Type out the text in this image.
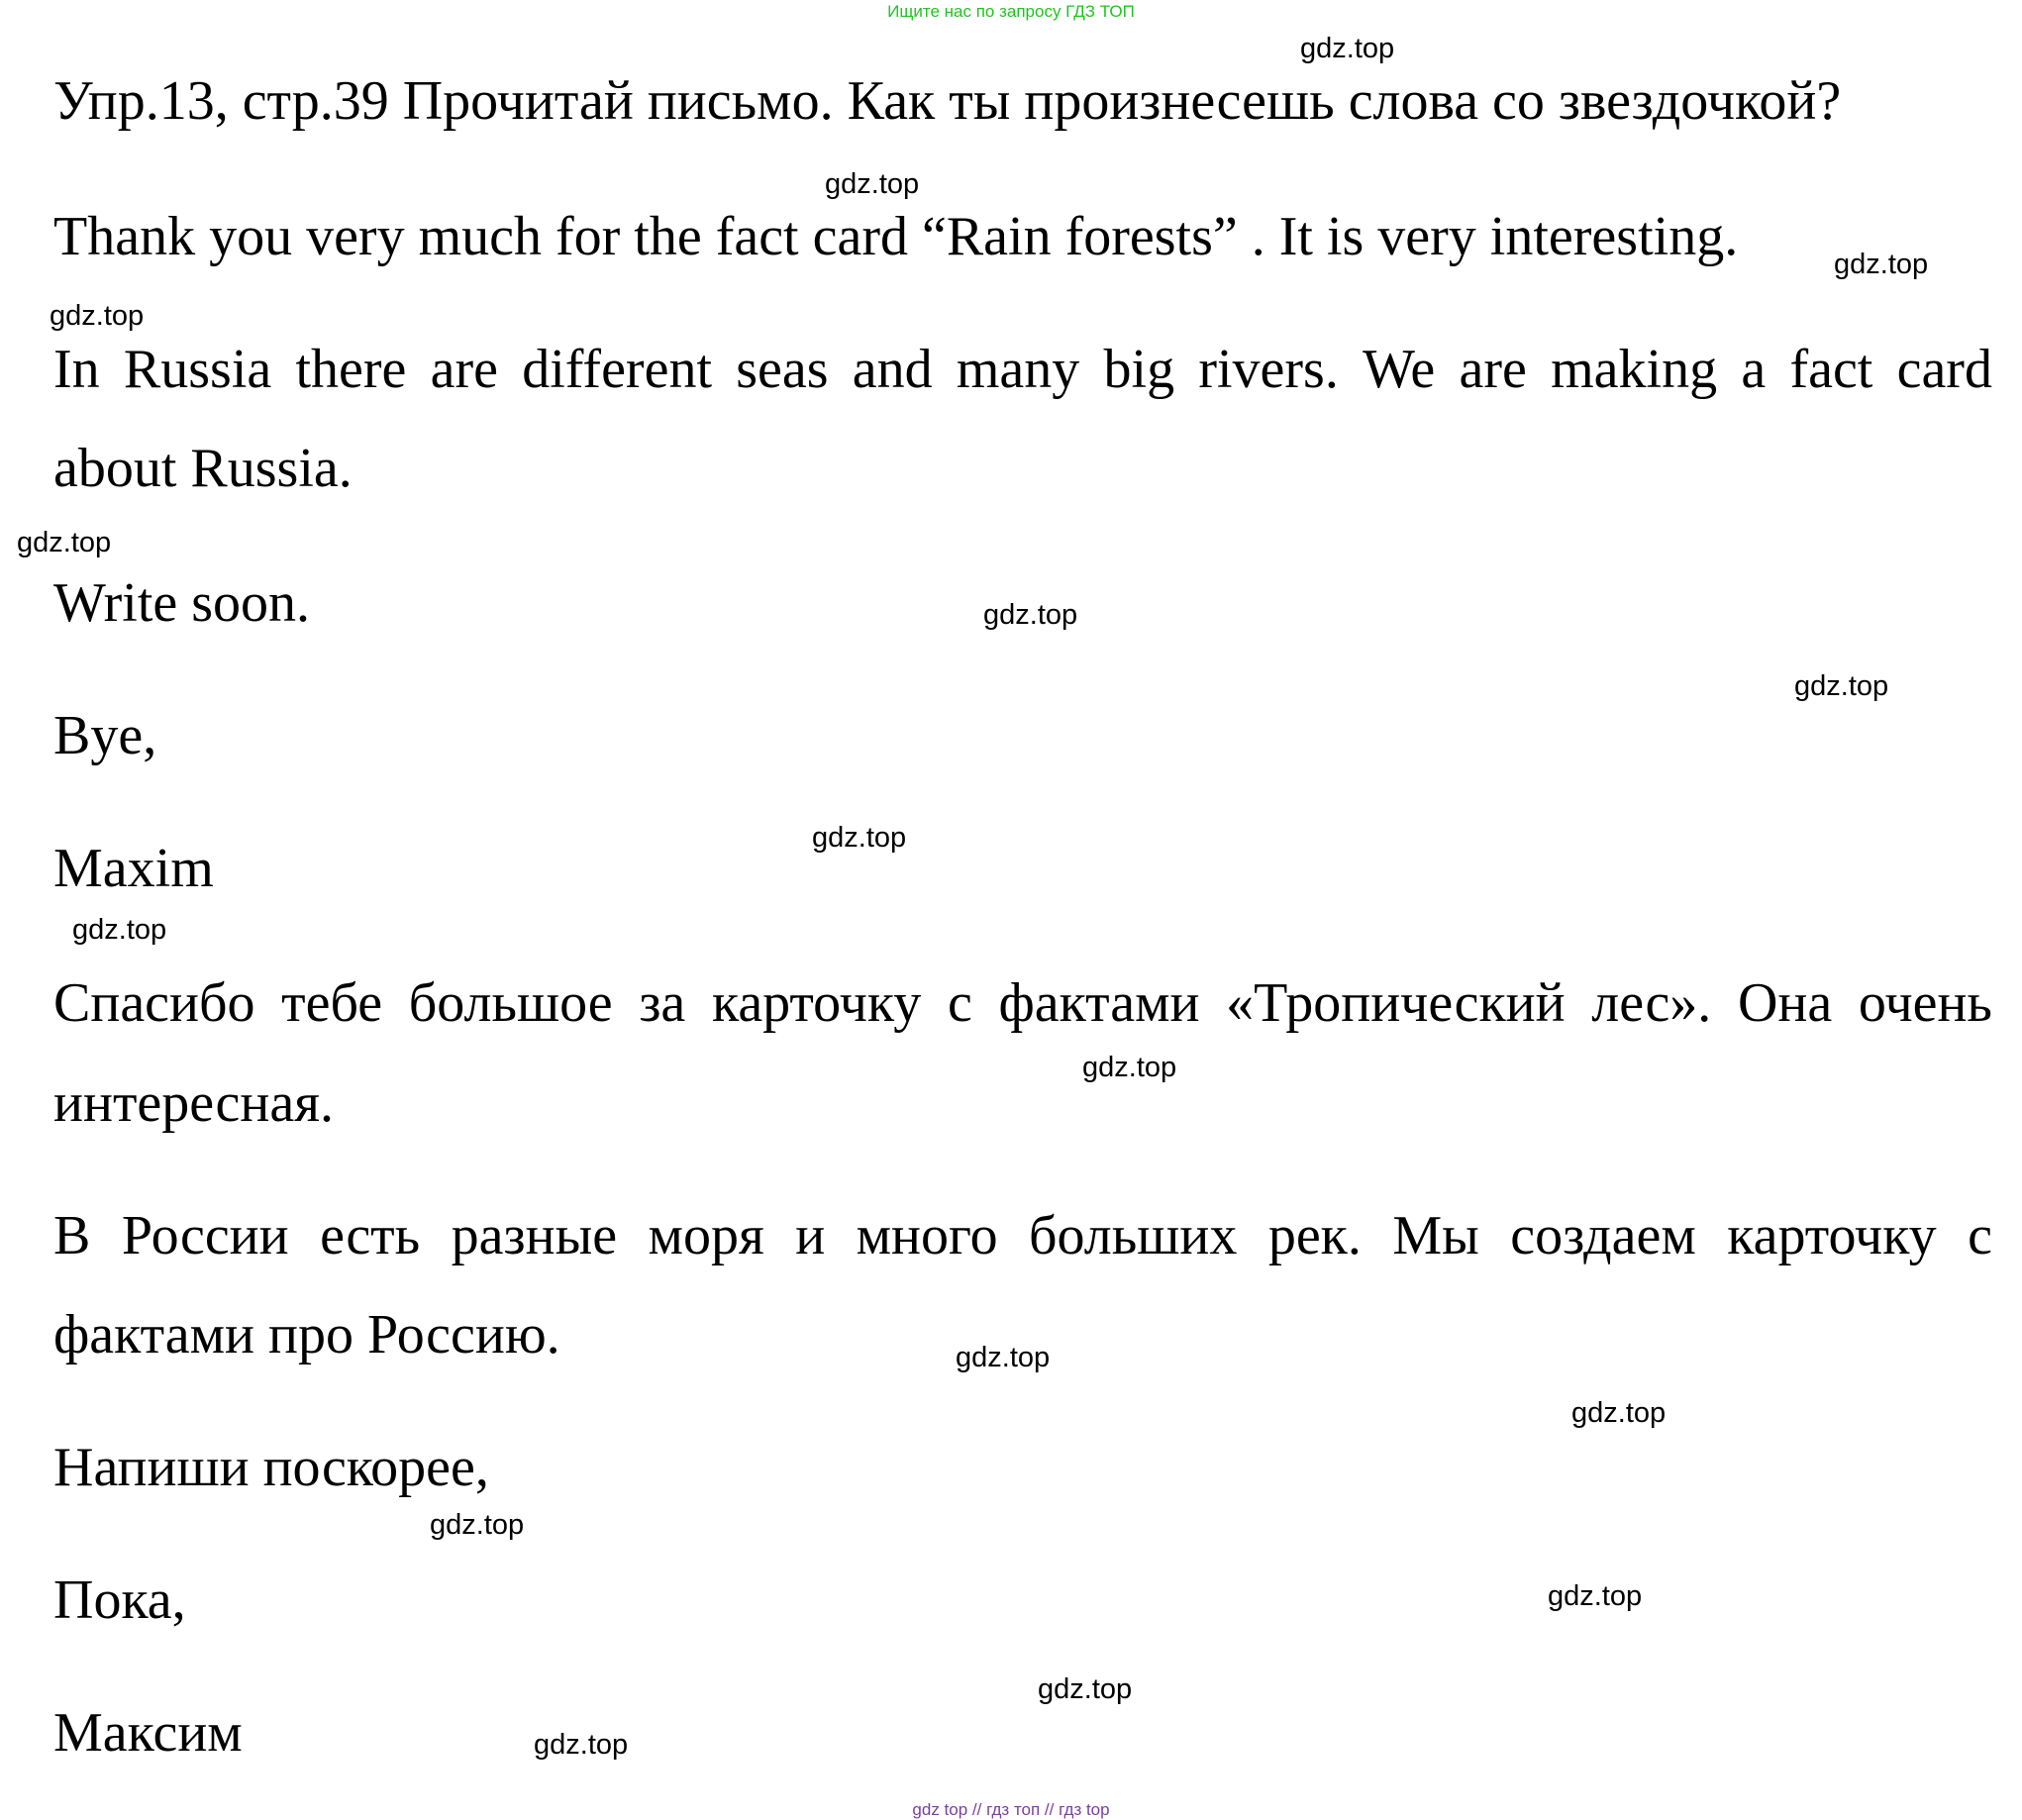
Ищите нас по запросу ГДЗ ТОП
Упр.13, стр.39 Прочитай письмо. Как ты произнесешь слова со звездочкой?
Thank you very much for the fact card “Rain forests” . It is very interesting.
In Russia there are different seas and many big rivers. We are making a fact card
about Russia.
Write soon.
Bye,
Maxim
Спасибо тебе большое за карточку с фактами «Тропический лес». Она очень
интересная.
В России есть разные моря и много больших рек. Мы создаем карточку с
фактами про Россию.
Напиши поскорее,
Пока,
Максим
gdz.top
gdz.top
gdz.top
gdz.top
gdz.top
gdz.top
gdz.top
gdz.top
gdz.top
gdz.top
gdz.top
gdz.top
gdz.top
gdz.top
gdz.top
gdz.top
gdz top // гдз топ // гдз top
